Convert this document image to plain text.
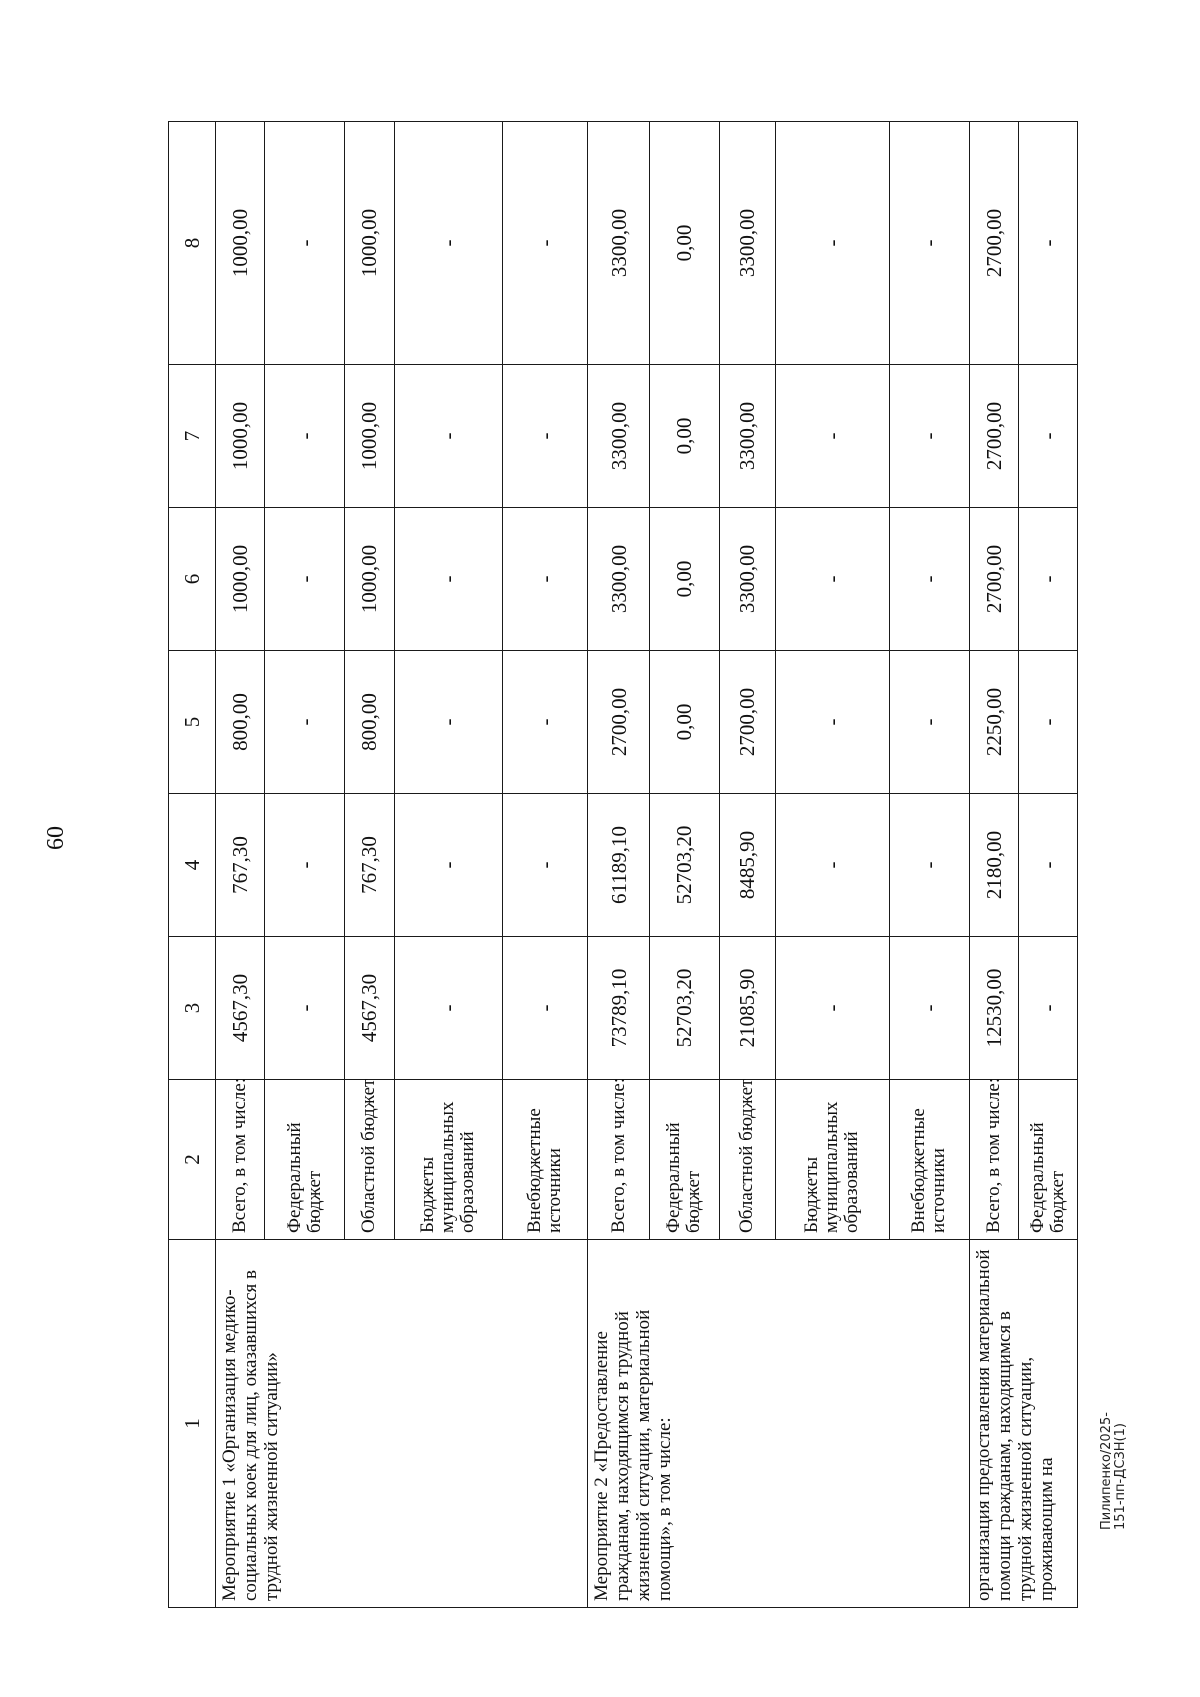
60
1	2	3	4	5	6	7	8
Мероприятие 1 «Организация медико-социальных коек для лиц, оказавшихся в трудной жизненной ситуации»	Всего, в том числе:	4567,30	767,30	800,00	1000,00	1000,00	1000,00
	Федеральный бюджет	-	-	-	-	-	-
	Областной бюджет	4567,30	767,30	800,00	1000,00	1000,00	1000,00
	Бюджеты муниципальных образований	-	-	-	-	-	-
	Внебюджетные источники	-	-	-	-	-	-
Мероприятие 2 «Предоставление гражданам, находящимся в трудной жизненной ситуации, материальной помощи», в том числе:	Всего, в том числе:	73789,10	61189,10	2700,00	3300,00	3300,00	3300,00
	Федеральный бюджет	52703,20	52703,20	0,00	0,00	0,00	0,00
	Областной бюджет	21085,90	8485,90	2700,00	3300,00	3300,00	3300,00
	Бюджеты муниципальных образований	-	-	-	-	-	-
	Внебюджетные источники	-	-	-	-	-	-
организация предоставления материальной помощи гражданам, находящимся в трудной жизненной ситуации, проживающим на	Всего, в том числе:	12530,00	2180,00	2250,00	2700,00	2700,00	2700,00
	Федеральный бюджет	-	-	-	-	-	-
Пилипенко/2025-151-пп-ДСЗН(1)
